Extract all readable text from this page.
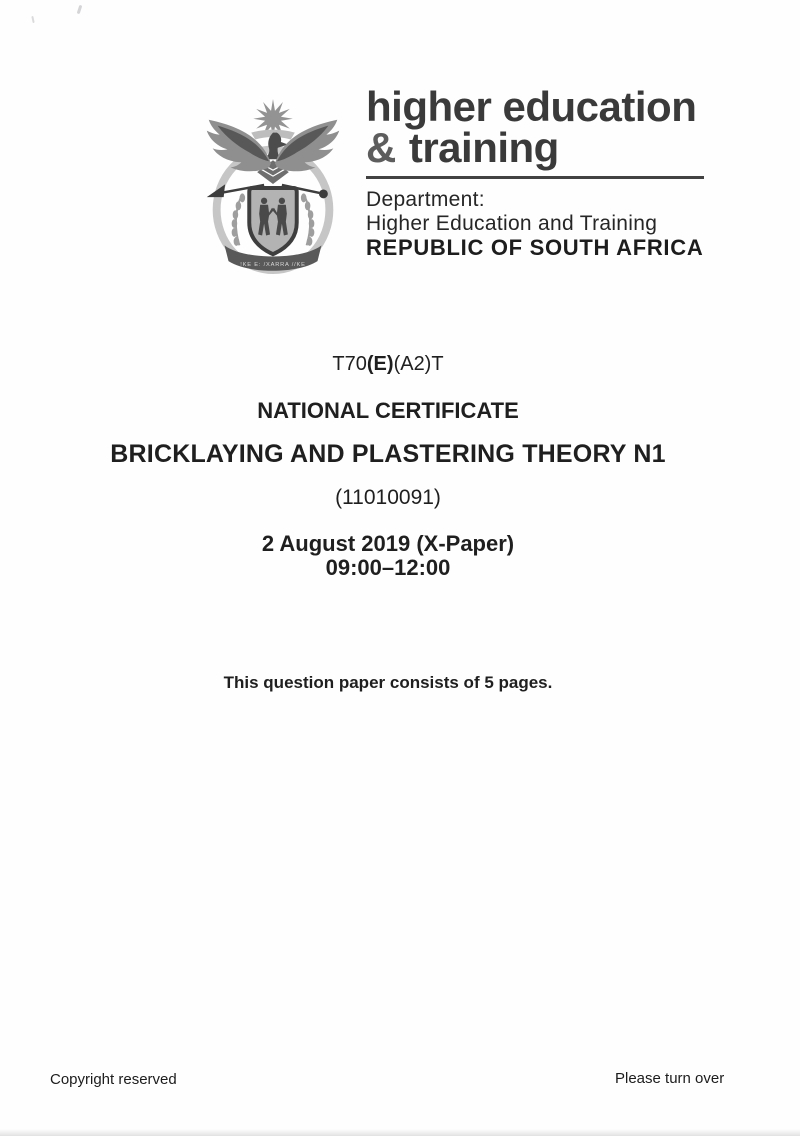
!KE E: /XARRA //KE
higher education
& training
Department:
Higher Education and Training
REPUBLIC OF SOUTH AFRICA
T70(E)(A2)T
NATIONAL CERTIFICATE
BRICKLAYING AND PLASTERING THEORY N1
(11010091)
2 August 2019 (X-Paper)
09:00–12:00
This question paper consists of 5 pages.
Copyright reserved	Please turn over
